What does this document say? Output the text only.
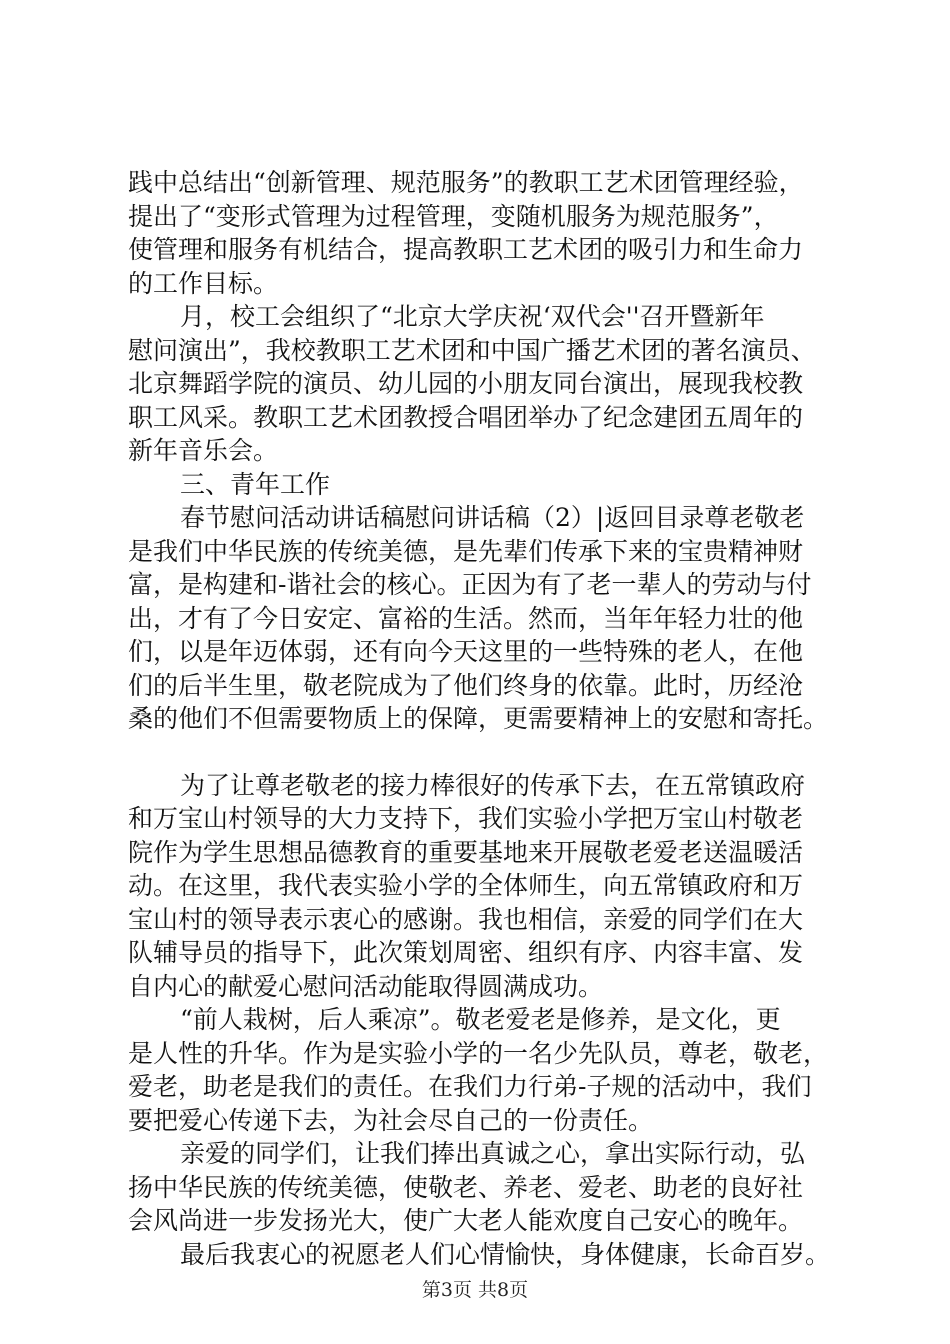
践中总结出“创新管理、规范服务”的教职工艺术团管理经验，
提出了“变形式管理为过程管理，变随机服务为规范服务”，
使管理和服务有机结合，提高教职工艺术团的吸引力和生命力
的工作目标。
月，校工会组织了“北京大学庆祝‘双代会''召开暨新年
慰问演出”，我校教职工艺术团和中国广播艺术团的著名演员、
北京舞蹈学院的演员、幼儿园的小朋友同台演出，展现我校教
职工风采。教职工艺术团教授合唱团举办了纪念建团五周年的
新年音乐会。
三、青年工作
春节慰问活动讲话稿慰问讲话稿（2）|返回目录尊老敬老
是我们中华民族的传统美德，是先辈们传承下来的宝贵精神财
富，是构建和-谐社会的核心。正因为有了老一辈人的劳动与付
出，才有了今日安定、富裕的生活。然而，当年年轻力壮的他
们，以是年迈体弱，还有向今天这里的一些特殊的老人，在他
们的后半生里，敬老院成为了他们终身的依靠。此时，历经沧
桑的他们不但需要物质上的保障，更需要精神上的安慰和寄托。
为了让尊老敬老的接力棒很好的传承下去，在五常镇政府
和万宝山村领导的大力支持下，我们实验小学把万宝山村敬老
院作为学生思想品德教育的重要基地来开展敬老爱老送温暖活
动。在这里，我代表实验小学的全体师生，向五常镇政府和万
宝山村的领导表示衷心的感谢。我也相信，亲爱的同学们在大
队辅导员的指导下，此次策划周密、组织有序、内容丰富、发
自内心的献爱心慰问活动能取得圆满成功。
“前人栽树，后人乘凉”。敬老爱老是修养，是文化，更
是人性的升华。作为是实验小学的一名少先队员，尊老，敬老，
爱老，助老是我们的责任。在我们力行弟-子规的活动中，我们
要把爱心传递下去，为社会尽自己的一份责任。
亲爱的同学们，让我们捧出真诚之心，拿出实际行动，弘
扬中华民族的传统美德，使敬老、养老、爱老、助老的良好社
会风尚进一步发扬光大，使广大老人能欢度自己安心的晚年。
最后我衷心的祝愿老人们心情愉快，身体健康，长命百岁。
第3页 共8页
